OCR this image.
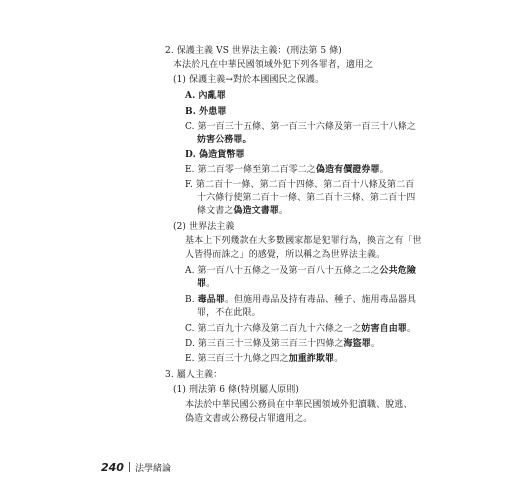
2. 保護主義 VS 世界法主義：(刑法第 5 條)
本法於凡在中華民國領域外犯下列各罪者，適用之
(1) 保護主義→對於本國國民之保護。
A. 內亂罪
B. 外患罪
C. 第一百三十五條、第一百三十六條及第一百三十八條之
妨害公務罪。
D. 偽造貨幣罪
E. 第二百零一條至第二百零二之偽造有價證券罪。
F. 第二百十一條、第二百十四條、第二百十八條及第二百
十六條行使第二百十一條、第二百十三條、第二百十四
條文書之偽造文書罪。
(2) 世界法主義
基本上下列幾款在大多數國家都是犯罪行為，換言之有「世
人皆得而誅之」的感覺，所以稱之為世界法主義。
A. 第一百八十五條之一及第一百八十五條之二之公共危險
罪。
B. 毒品罪。但施用毒品及持有毒品、種子、施用毒品器具
罪，不在此限。
C. 第二百九十六條及第二百九十六條之一之妨害自由罪。
D. 第三百三十三條及第三百三十四條之海盜罪。
E. 第三百三十九條之四之加重詐欺罪。
3. 屬人主義：
(1) 刑法第 6 條(特別屬人原則)
本法於中華民國公務員在中華民國領域外犯瀆職、脫逃、
偽造文書或公務侵占罪適用之。
240 法學緒論
